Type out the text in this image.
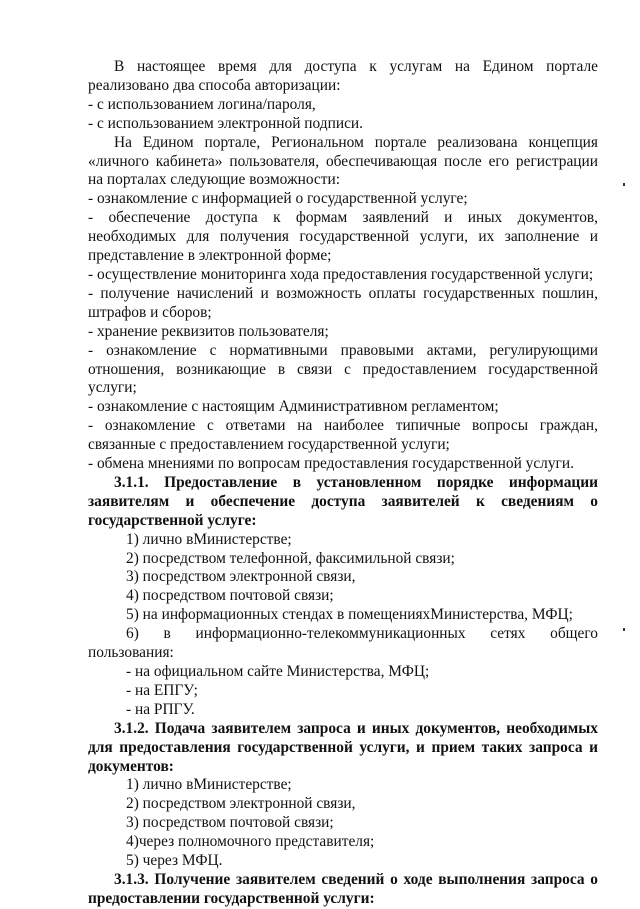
В настоящее время для доступа к услугам на Едином портале реализовано два способа авторизации:

- с использованием логина/пароля,

- с использованием электронной подписи.

На Едином портале, Региональном портале реализована концепция «личного кабинета» пользователя, обеспечивающая после его регистрации на порталах следующие возможности:

- ознакомление с информацией о государственной услуге;

- обеспечение доступа к формам заявлений и иных документов, необходимых для получения государственной услуги, их заполнение и представление в электронной форме;

- осуществление мониторинга хода предоставления государственной услуги;

- получение начислений и возможность оплаты государственных пошлин, штрафов и сборов;

- хранение реквизитов пользователя;

- ознакомление с нормативными правовыми актами, регулирующими отношения, возникающие в связи с предоставлением государственной услуги;

- ознакомление с настоящим Административном регламентом;

- ознакомление с ответами на наиболее типичные вопросы граждан, связанные с предоставлением государственной услуги;

- обмена мнениями по вопросам предоставления государственной услуги.

3.1.1. Предоставление в установленном порядке информации заявителям и обеспечение доступа заявителей к сведениям о государственной услуге:

1) лично вМинистерстве;

2) посредством телефонной, факсимильной связи;

3) посредством электронной связи,

4) посредством почтовой связи;

5) на информационных стендах в помещенияхМинистерства, МФЦ;

6) в информационно-телекоммуникационных сетях общего

пользования:

- на официальном сайте Министерства, МФЦ;

- на ЕПГУ;

- на РПГУ.

3.1.2. Подача заявителем запроса и иных документов, необходимых для предоставления государственной услуги, и прием таких запроса и документов:

1) лично вМинистерстве;

2) посредством электронной связи,

3) посредством почтовой связи;

4)через полномочного представителя;

5) через МФЦ.

3.1.3. Получение заявителем сведений о ходе выполнения запроса о предоставлении государственной услуги:
